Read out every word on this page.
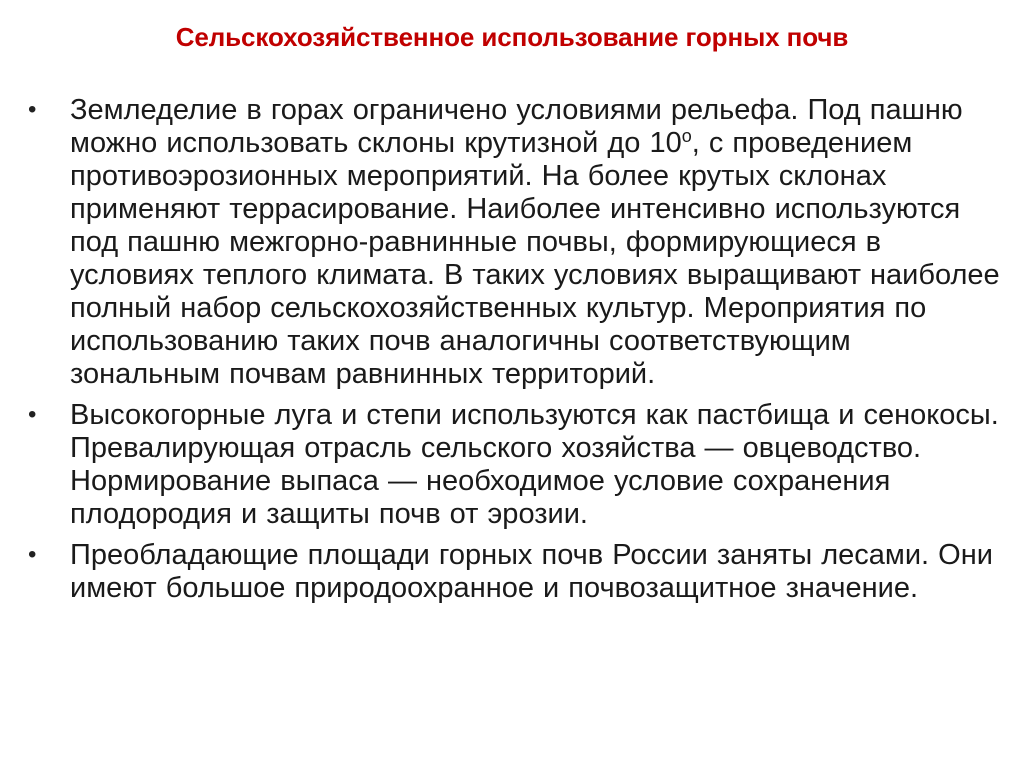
Сельскохозяйственное использование горных почв
• Земледелие в горах ограничено условиями рельефа. Под пашню можно использовать склоны крутизной до $10^о$, с проведением противоэрозионных мероприятий. На более крутых склонах применяют террасирование. Наиболее интенсивно используются под пашню межгорно-равнинные почвы, формирующиеся в условиях теплого климата. В таких условиях выращивают наиболее полный набор сельскохозяйственных культур. Мероприятия по использованию таких почв аналогичны соответствующим зональным почвам равнинных территорий.
• Высокогорные луга и степи используются как пастбища и сенокосы. Превалирующая отрасль сельского хозяйства — овцеводство. Нормирование выпаса — необходимое условие сохранения плодородия и защиты почв от эрозии.
• Преобладающие площади горных почв России заняты лесами. Они имеют большое природоохранное и почвозащитное значение.
